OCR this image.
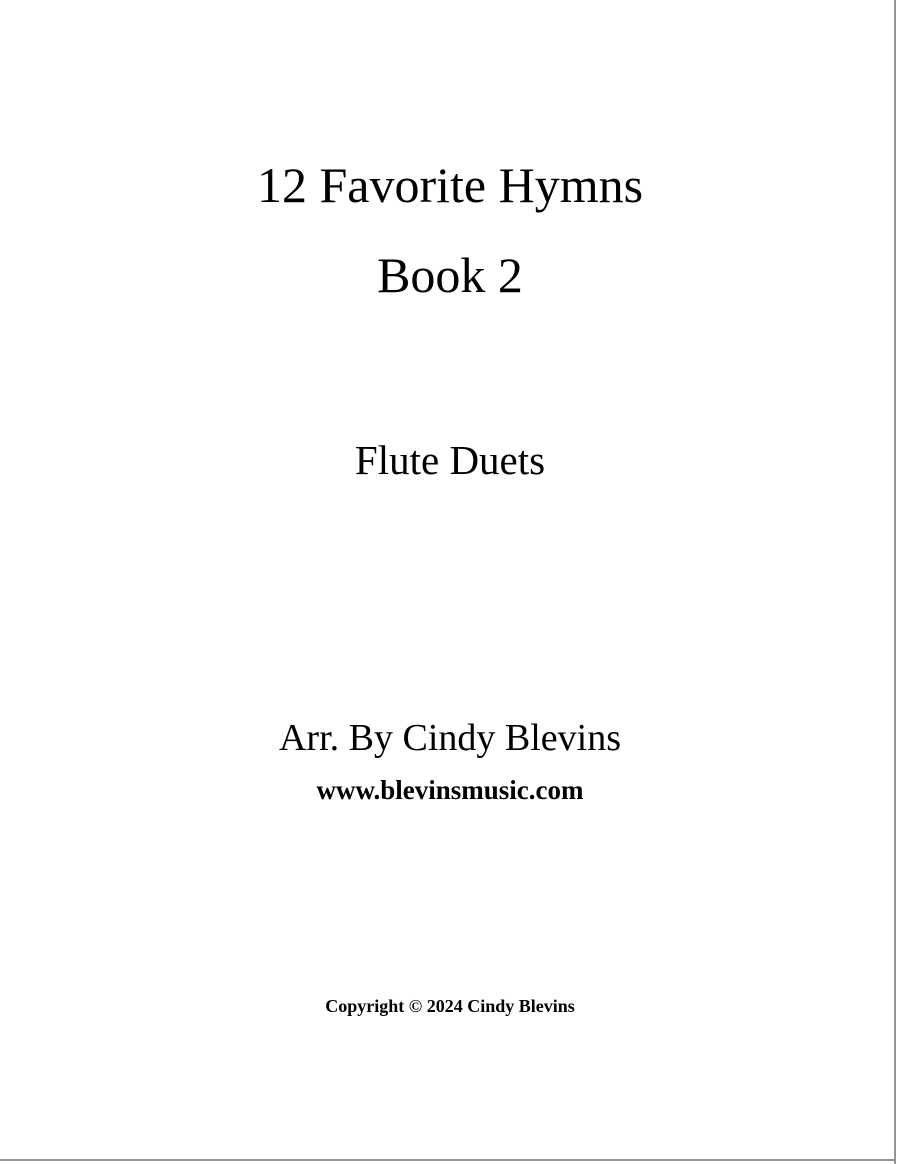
12 Favorite Hymns
Book 2
Flute Duets
Arr. By Cindy Blevins
www.blevinsmusic.com
Copyright © 2024 Cindy Blevins
